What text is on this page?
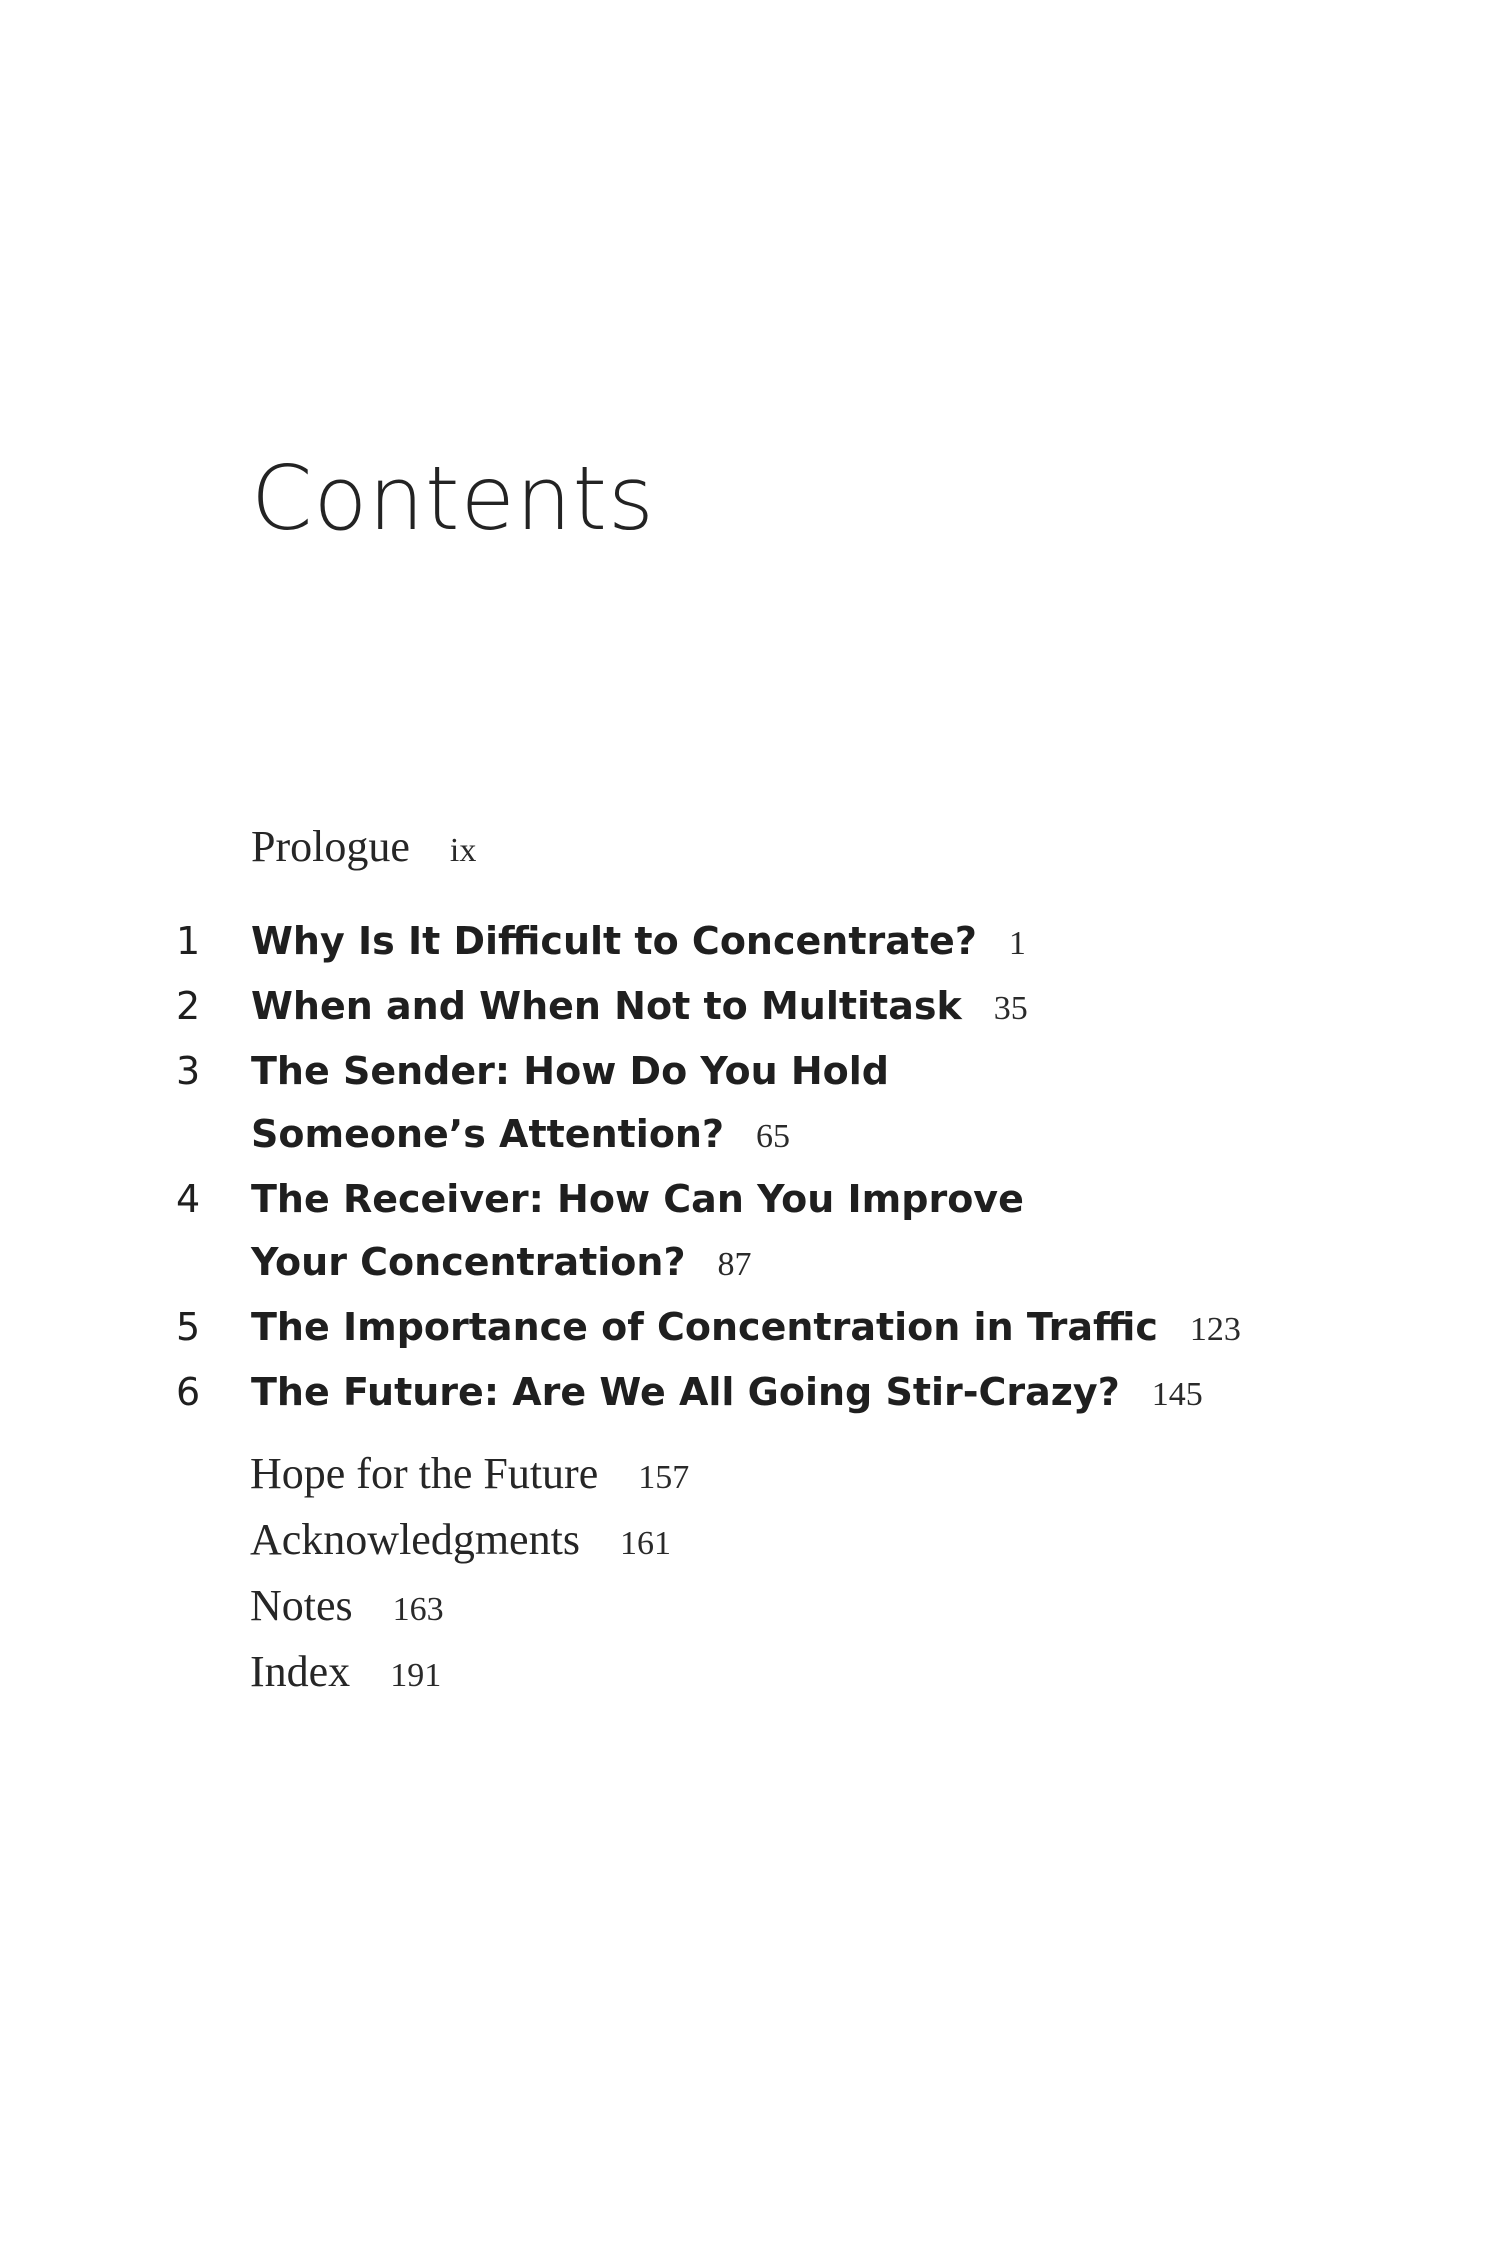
Contents
Prologue ix
1	Why Is It Difficult to Concentrate? 1
2	When and When Not to Multitask 35
3	The Sender: How Do You Hold Someone’s Attention? 65
4	The Receiver: How Can You Improve Your Concentration? 87
5	The Importance of Concentration in Traffic 123
6	The Future: Are We All Going Stir-Crazy? 145
Hope for the Future 157
Acknowledgments 161
Notes 163
Index 191
